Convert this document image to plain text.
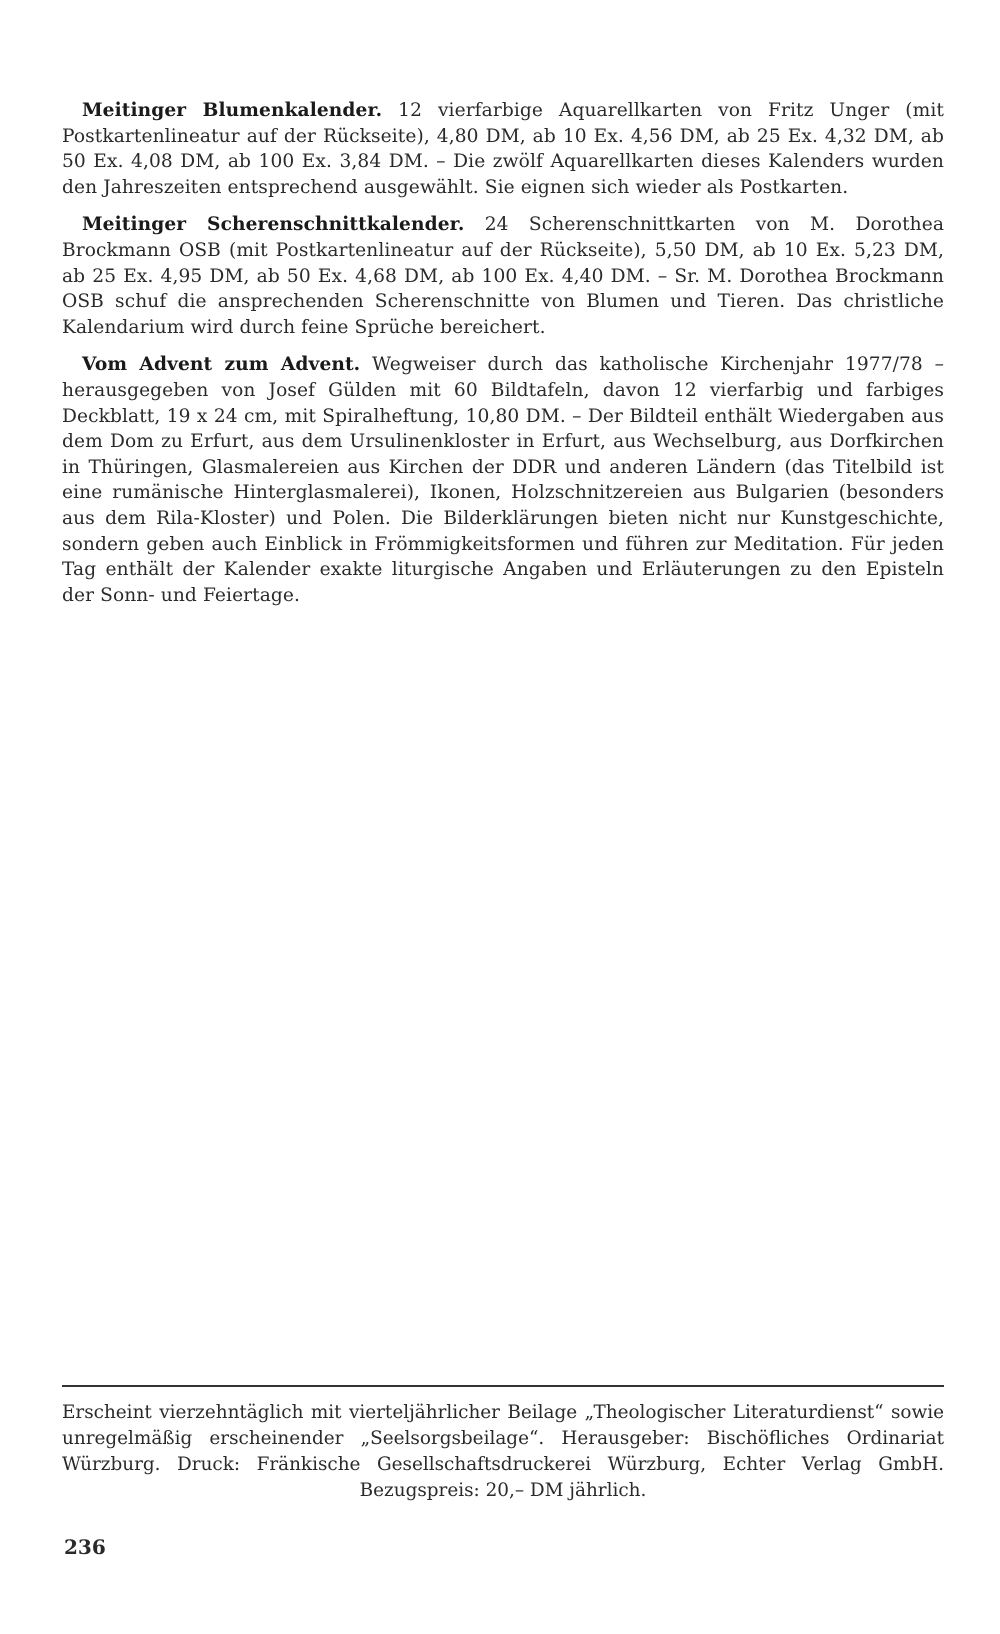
Meitinger Blumenkalender. 12 vierfarbige Aquarellkarten von Fritz Unger (mit Postkartenlineatur auf der Rückseite), 4,80 DM, ab 10 Ex. 4,56 DM, ab 25 Ex. 4,32 DM, ab 50 Ex. 4,08 DM, ab 100 Ex. 3,84 DM. – Die zwölf Aquarellkarten dieses Kalenders wurden den Jahreszeiten entsprechend ausgewählt. Sie eignen sich wieder als Postkarten.

Meitinger Scherenschnittkalender. 24 Scherenschnittkarten von M. Dorothea Brockmann OSB (mit Postkartenlineatur auf der Rückseite), 5,50 DM, ab 10 Ex. 5,23 DM, ab 25 Ex. 4,95 DM, ab 50 Ex. 4,68 DM, ab 100 Ex. 4,40 DM. – Sr. M. Dorothea Brockmann OSB schuf die ansprechenden Scherenschnitte von Blumen und Tieren. Das christliche Kalendarium wird durch feine Sprüche bereichert.

Vom Advent zum Advent. Wegweiser durch das katholische Kirchenjahr 1977/78 – herausgegeben von Josef Gülden mit 60 Bildtafeln, davon 12 vierfarbig und farbiges Deckblatt, 19 x 24 cm, mit Spiralheftung, 10,80 DM. – Der Bildteil enthält Wiedergaben aus dem Dom zu Erfurt, aus dem Ursulinenkloster in Erfurt, aus Wechselburg, aus Dorfkirchen in Thüringen, Glasmalereien aus Kirchen der DDR und anderen Ländern (das Titelbild ist eine rumänische Hinterglasmalerei), Ikonen, Holzschnitzereien aus Bulgarien (besonders aus dem Rila-Kloster) und Polen. Die Bilderklärungen bieten nicht nur Kunstgeschichte, sondern geben auch Einblick in Frömmigkeitsformen und führen zur Meditation. Für jeden Tag enthält der Kalender exakte liturgische Angaben und Erläuterungen zu den Episteln der Sonn- und Feiertage.

Erscheint vierzehntäglich mit vierteljährlicher Beilage „Theologischer Literaturdienst“ sowie unregelmäßig erscheinender „Seelsorgsbeilage“. Herausgeber: Bischöfliches Ordinariat Würzburg. Druck: Fränkische Gesellschaftsdruckerei Würzburg, Echter Verlag GmbH. Bezugspreis: 20,– DM jährlich.
236
